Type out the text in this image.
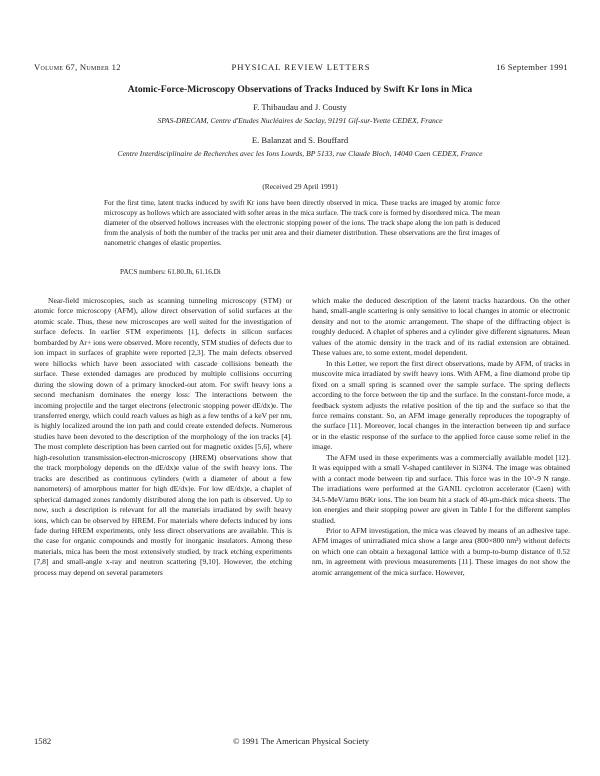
Volume 67, Number 12	PHYSICAL REVIEW LETTERS	16 September 1991
Atomic-Force-Microscopy Observations of Tracks Induced by Swift Kr Ions in Mica
F. Thibaudau and J. Cousty
SPAS-DRECAM, Centre d'Etudes Nucléaires de Saclay, 91191 Gif-sur-Yvette CEDEX, France
E. Balanzat and S. Bouffard
Centre Interdisciplinaire de Recherches avec les Ions Lourds, BP 5133, rue Claude Bloch, 14040 Caen CEDEX, France
(Received 29 April 1991)

For the first time, latent tracks induced by swift Kr ions have been directly observed in mica. These tracks are imaged by atomic force microscopy as hollows which are associated with softer areas in the mica surface. The track core is formed by disordered mica. The mean diameter of the observed hollows increases with the electronic stopping power of the ions. The track shape along the ion path is deduced from the analysis of both the number of the tracks per unit area and their diameter distribution. These observations are the first images of nanometric changes of elastic properties.

PACS numbers: 61.80.Jh, 61.16.Di

Near-field microscopies, such as scanning tunneling microscopy (STM) or atomic force microscopy (AFM), allow direct observation of solid surfaces at the atomic scale. Thus, these new microscopes are well suited for the investigation of surface defects. In earlier STM experiments [1], defects in silicon surfaces bombarded by Ar+ ions were observed. More recently, STM studies of defects due to ion impact in surfaces of graphite were reported [2,3]. The main defects observed were hillocks which have been associated with cascade collisions beneath the surface. These extended damages are produced by multiple collisions occurring during the slowing down of a primary knocked-out atom. For swift heavy ions a second mechanism dominates the energy loss: The interactions between the incoming projectile and the target electrons (electronic stopping power dE/dx)e. The transferred energy, which could reach values as high as a few tenths of a keV per nm, is highly localized around the ion path and could create extended defects. Numerous studies have been devoted to the description of the morphology of the ion tracks [4]. The most complete description has been carried out for magnetic oxides [5,6], where high-resolution transmission-electron-microscopy (HREM) observations show that the track morphology depends on the dE/dx)e value of the swift heavy ions. The tracks are described as continuous cylinders (with a diameter of about a few nanometers) of amorphous matter for high dE/dx)e. For low dE/dx)e, a chaplet of spherical damaged zones randomly distributed along the ion path is observed. Up to now, such a description is relevant for all the materials irradiated by swift heavy ions, which can be observed by HREM. For materials where defects induced by ions fade during HREM experiments, only less direct observations are available. This is the case for organic compounds and mostly for inorganic insulators. Among these materials, mica has been the most extensively studied, by track etching experiments [7,8] and small-angle x-ray and neutron scattering [9,10]. However, the etching process may depend on several parameters

which make the deduced description of the latent tracks hazardous. On the other hand, small-angle scattering is only sensitive to local changes in atomic or electronic density and not to the atomic arrangement. The shape of the diffracting object is roughly deduced. A chaplet of spheres and a cylinder give different signatures. Mean values of the atomic density in the track and of its radial extension are obtained. These values are, to some extent, model dependent.

In this Letter, we report the first direct observations, made by AFM, of tracks in muscovite mica irradiated by swift heavy ions. With AFM, a fine diamond probe tip fixed on a small spring is scanned over the sample surface. The spring deflects according to the force between the tip and the surface. In the constant-force mode, a feedback system adjusts the relative position of the tip and the surface so that the force remains constant. So, an AFM image generally reproduces the topography of the surface [11]. Moreover, local changes in the interaction between tip and surface or in the elastic response of the surface to the applied force cause some relief in the image.

The AFM used in these experiments was a commercially available model [12]. It was equipped with a small V-shaped cantilever in Si3N4. The image was obtained with a contact mode between tip and surface. This force was in the 10^-9 N range. The irradiations were performed at the GANIL cyclotron accelerator (Caen) with 34.5-MeV/amu 86Kr ions. The ion beam hit a stack of 40-μm-thick mica sheets. The ion energies and their stopping power are given in Table I for the different samples studied.

Prior to AFM investigation, the mica was cleaved by means of an adhesive tape. AFM images of unirradiated mica show a large area (800×800 nm²) without defects on which one can obtain a hexagonal lattice with a bump-to-bump distance of 0.52 nm, in agreement with previous measurements [11]. These images do not show the atomic arrangement of the mica surface. However,

1582	© 1991 The American Physical Society
